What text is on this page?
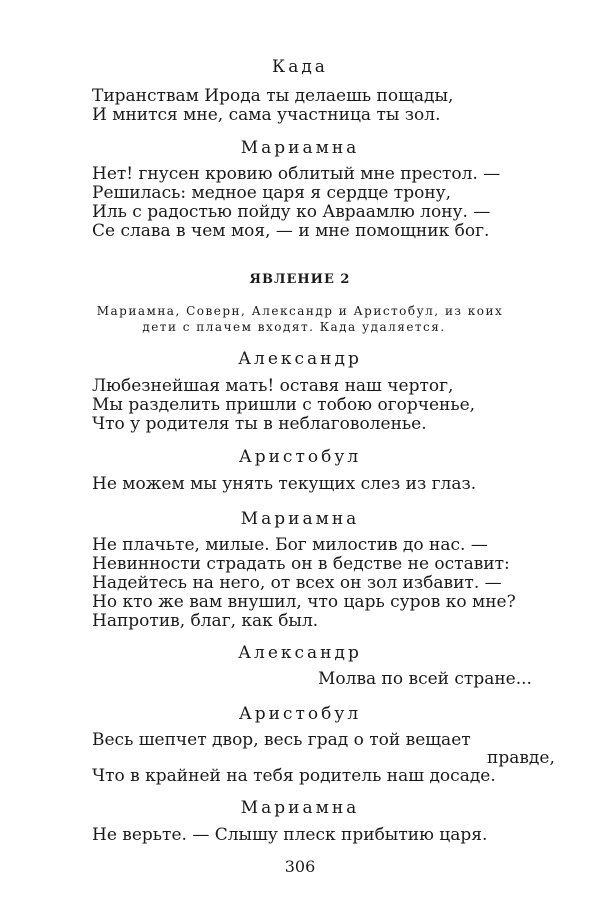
Када
Тиранствам Ирода ты делаешь пощады,
И мнится мне, сама участница ты зол.
Мариамна
Нет! гнусен кровию облитый мне престол. —
Решилась: медное царя я сердце трону,
Иль с радостью пойду ко Авраамлю лону. —
Се слава в чем моя, — и мне помощник бог.
ЯВЛЕНИЕ 2
Мариамна, Соверн, Александр и Аристобул, из коих
дети с плачем входят. Када удаляется.
Александр
Любезнейшая мать! оставя наш чертог,
Мы разделить пришли с тобою огорченье,
Что у родителя ты в неблаговоленье.
Аристобул
Не можем мы унять текущих слез из глаз.
Мариамна
Не плачьте, милые. Бог милостив до нас. —
Невинности страдать он в бедстве не оставит:
Надейтесь на него, от всех он зол избавит. —
Но кто же вам внушил, что царь суров ко мне?
Напротив, благ, как был.
Александр
Молва по всей стране...
Аристобул
Весь шепчет двор, весь град о той вещает
правде,
Что в крайней на тебя родитель наш досаде.
Мариамна
Не верьте. — Слышу плеск прибытию царя.
306
